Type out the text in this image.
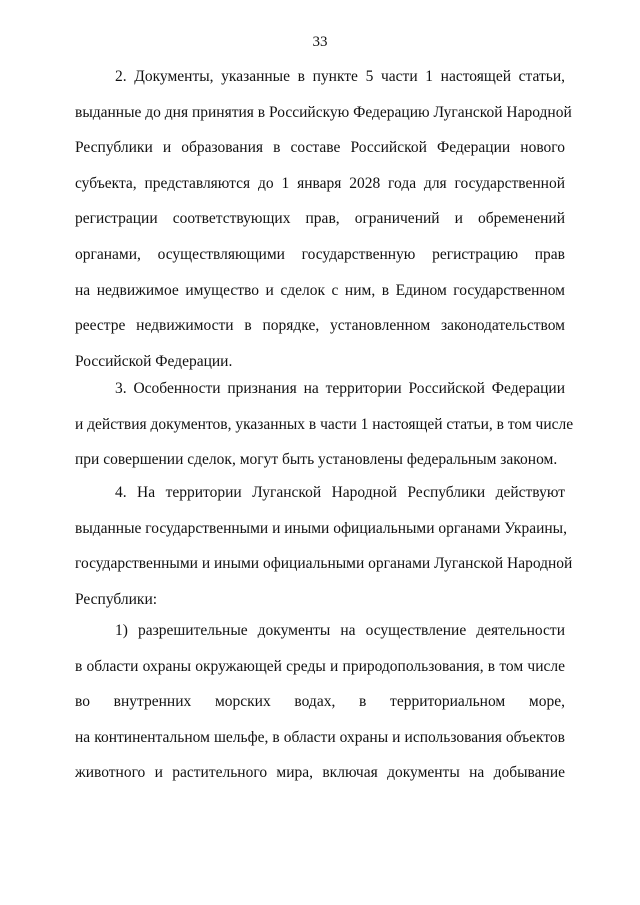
33
2. Документы, указанные в пункте 5 части 1 настоящей статьи,
выданные до дня принятия в Российскую Федерацию Луганской Народной
Республики и образования в составе Российской Федерации нового
субъекта, представляются до 1 января 2028 года для государственной
регистрации соответствующих прав, ограничений и обременений
органами, осуществляющими государственную регистрацию прав
на недвижимое имущество и сделок с ним, в Едином государственном
реестре недвижимости в порядке, установленном законодательством
Российской Федерации.
3. Особенности признания на территории Российской Федерации
и действия документов, указанных в части 1 настоящей статьи, в том числе
при совершении сделок, могут быть установлены федеральным законом.
4. На территории Луганской Народной Республики действуют
выданные государственными и иными официальными органами Украины,
государственными и иными официальными органами Луганской Народной
Республики:
1) разрешительные документы на осуществление деятельности
в области охраны окружающей среды и природопользования, в том числе
во внутренних морских водах, в территориальном море,
на континентальном шельфе, в области охраны и использования объектов
животного и растительного мира, включая документы на добывание
